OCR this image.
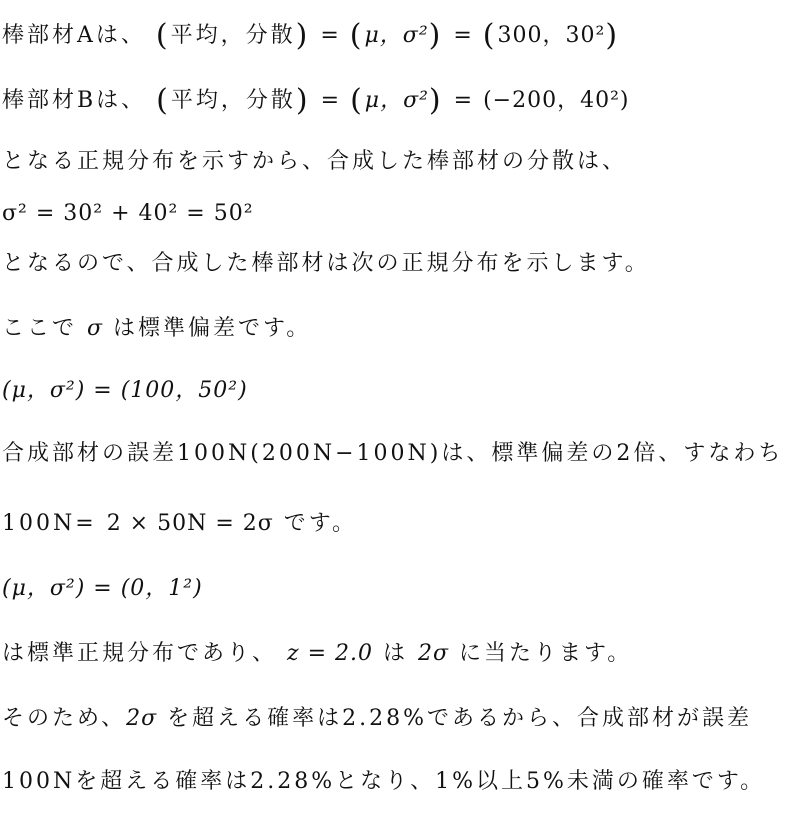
棒部材Aは、 (平均，分散) = (μ，σ²) = (300，30²)
棒部材Bは、 (平均，分散) = (μ，σ²) = (−200，40²)
となる正規分布を示すから、合成した棒部材の分散は、
σ² = 30² + 40² = 50²
となるので、合成した棒部材は次の正規分布を示します。
ここで σ は標準偏差です。
(μ，σ²) = (100，50²)
合成部材の誤差100N(200N−100N)は、標準偏差の2倍、すなわち
100N= 2 × 50N = 2σ です。
(μ，σ²) = (0，1²)
は標準正規分布であり、 z = 2.0 は 2σ に当たります。
そのため、2σ を超える確率は2.28%であるから、合成部材が誤差
100Nを超える確率は2.28%となり、1%以上5%未満の確率です。
